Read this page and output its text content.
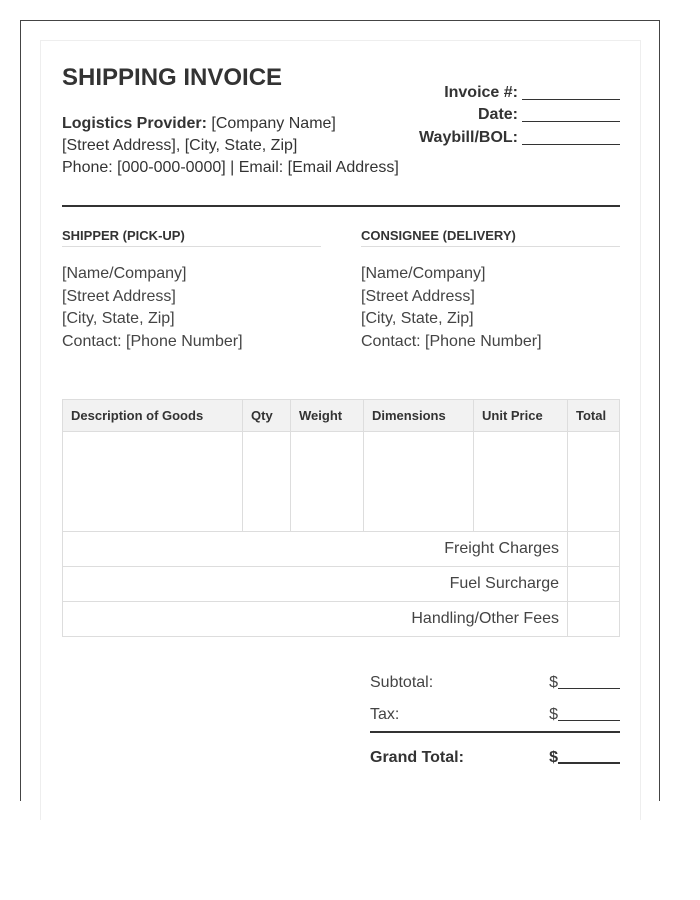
SHIPPING INVOICE
Logistics Provider: [Company Name]
[Street Address], [City, State, Zip]
Phone: [000-000-0000] | Email: [Email Address]
Invoice #:
Date:
Waybill/BOL:
SHIPPER (PICK-UP)
[Name/Company]
[Street Address]
[City, State, Zip]
Contact: [Phone Number]
CONSIGNEE (DELIVERY)
[Name/Company]
[Street Address]
[City, State, Zip]
Contact: [Phone Number]
Description of Goods	Qty	Weight	Dimensions	Unit Price	Total

Freight Charges					
Fuel Surcharge					
Handling/Other Fees					
Subtotal:	$
Tax:	$
Grand Total:	$
